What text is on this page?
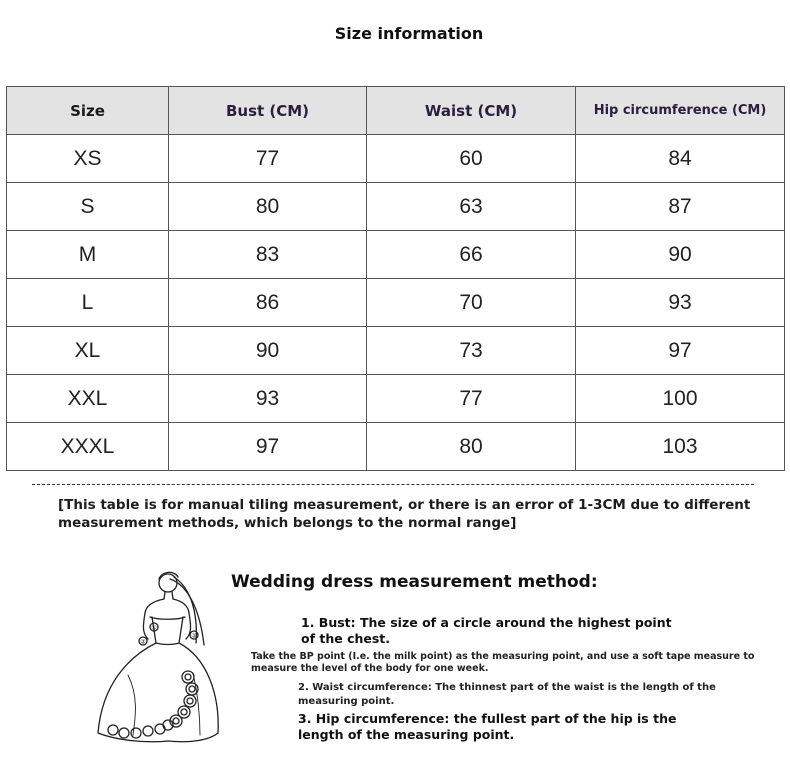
Size information
Size	Bust (CM)	Waist (CM)	Hip circumference (CM)
XS	77	60	84
S	80	63	87
M	83	66	90
L	86	70	93
XL	90	73	97
XXL	93	77	100
XXXL	97	80	103
[This table is for manual tiling measurement, or there is an error of 1-3CM due to different measurement methods, which belongs to the normal range]
③
②
①
Wedding dress measurement method:
1. Bust: The size of a circle around the highest point of the chest.
Take the BP point (I.e. the milk point) as the measuring point, and use a soft tape measure to measure the level of the body for one week.
2. Waist circumference: The thinnest part of the waist is the length of the measuring point.
3. Hip circumference: the fullest part of the hip is the length of the measuring point.
